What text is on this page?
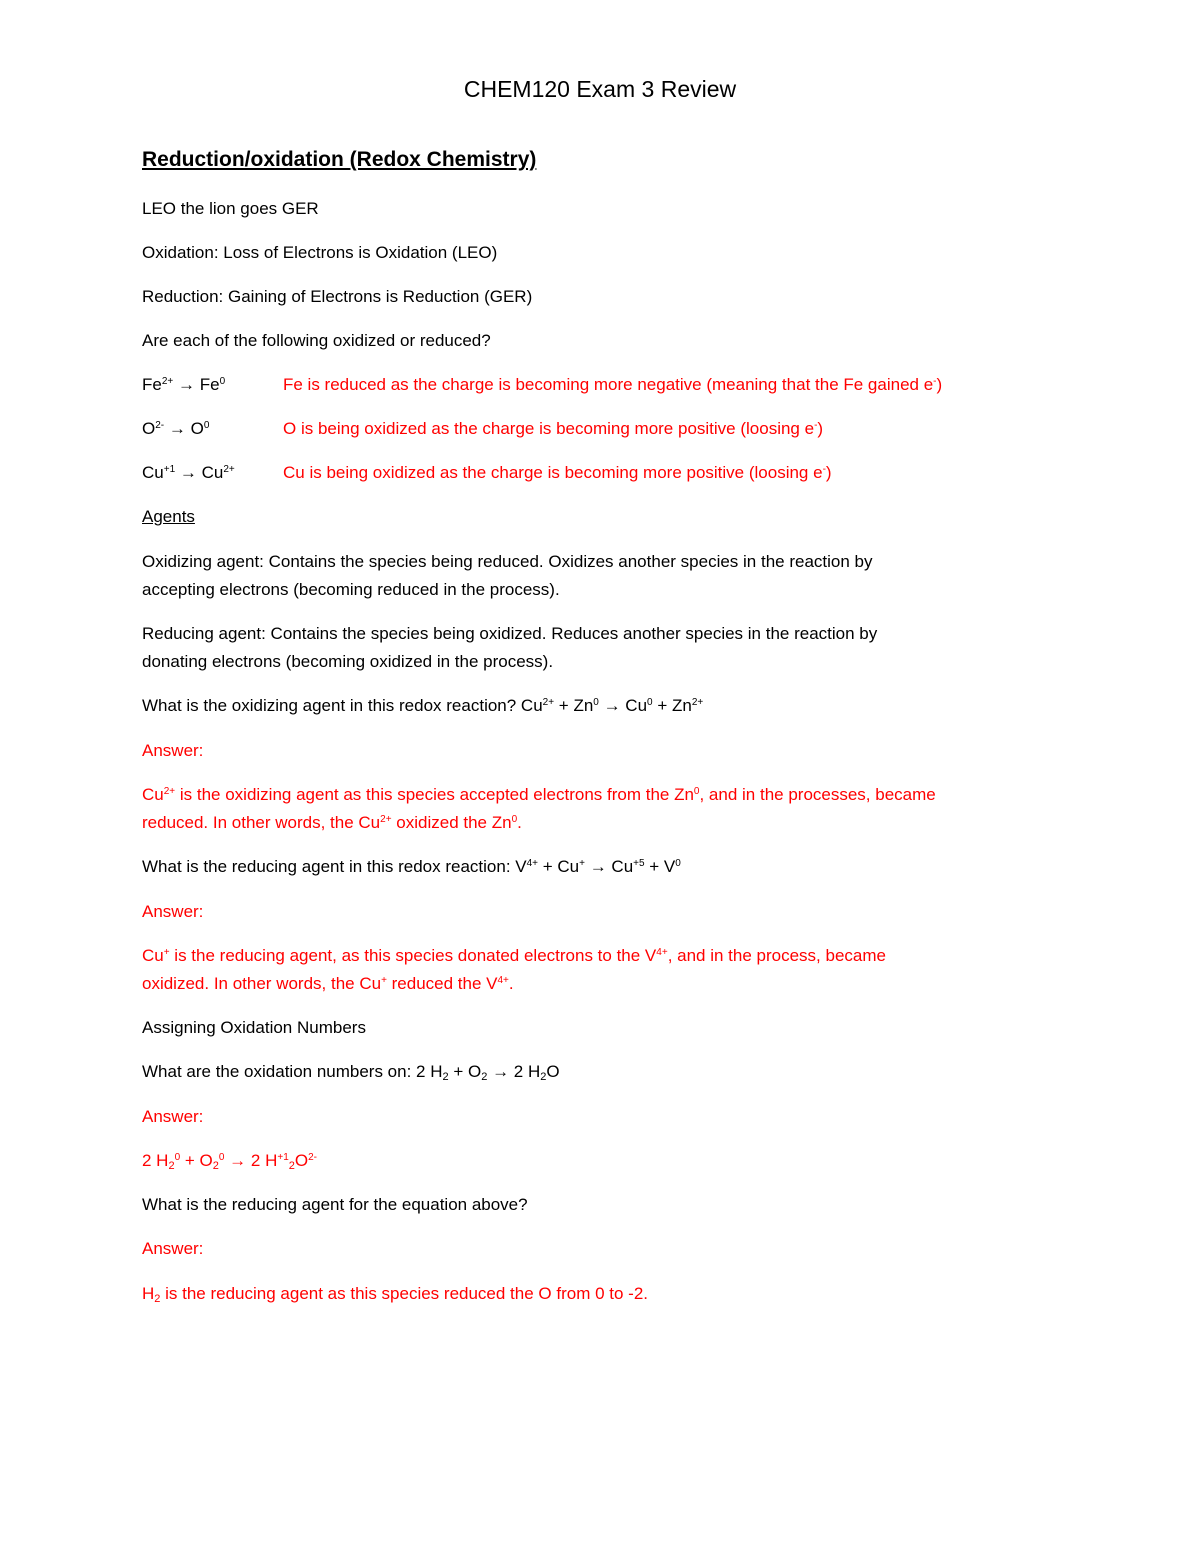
CHEM120 Exam 3 Review
Reduction/oxidation (Redox Chemistry)
LEO the lion goes GER
Oxidation: Loss of Electrons is Oxidation (LEO)
Reduction: Gaining of Electrons is Reduction (GER)
Are each of the following oxidized or reduced?
$Fe^{2+} \to Fe^0$	Fe is reduced as the charge is becoming more negative (meaning that the Fe gained e-)
$O^{2-} \to O^0$	O is being oxidized as the charge is becoming more positive (loosing e-)
$Cu^{+1} \to Cu^{2+}$	Cu is being oxidized as the charge is becoming more positive (loosing e-)
Agents
Oxidizing agent: Contains the species being reduced. Oxidizes another species in the reaction by
accepting electrons (becoming reduced in the process).
Reducing agent: Contains the species being oxidized. Reduces another species in the reaction by
donating electrons (becoming oxidized in the process).
What is the oxidizing agent in this redox reaction? $Cu^{2+} + Zn^0 \to Cu^0 + Zn^{2+}$
Answer:
$Cu^{2+}$ is the oxidizing agent as this species accepted electrons from the Zn$^0$, and in the processes, became
reduced. In other words, the $Cu^{2+}$ oxidized the Zn$^0$.
What is the reducing agent in this redox reaction: $V^{4+} + Cu^+ \to Cu^{+5} + V^0$
Answer:
Cu+ is the reducing agent, as this species donated electrons to the $V^{4+}$, and in the process, became
oxidized. In other words, the Cu+ reduced the $V^{4+}$.
Assigning Oxidation Numbers
What are the oxidation numbers on: 2 $H_2 + O_2 \to 2$ $H_2O$
Answer:
2 $H_2^0 + O_2^0 \to 2$ $H^{+1}_2O^{2-}$
What is the reducing agent for the equation above?
Answer:
$H_2$ is the reducing agent as this species reduced the O from 0 to -2.
